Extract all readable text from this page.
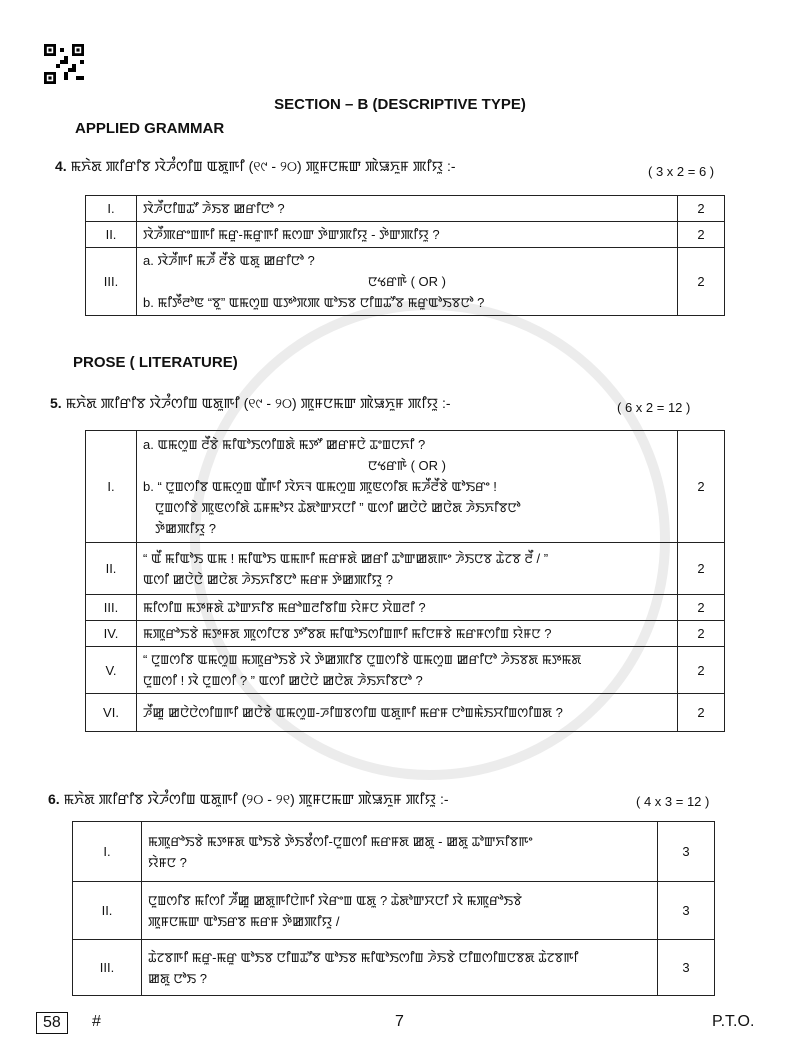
SECTION – B (DESCRIPTIVE TYPE)
APPLIED GRAMMAR
4. ꯃꯈꯥꯗ ꯄꯤꯔꯤꯕ ꯋꯥꯍꯪꯁꯤꯡ ꯑꯗꯨꯒꯤ (୧୯ - ୨୦) ꯄꯨꯝꯅꯃꯛ ꯄꯥꯎꯈꯨꯝ ꯄꯤꯌꯨ :-	( 3 x 2 = 6 )
I.	ꯋꯥꯍꯩꯅꯤꯡꯊꯧ ꯍꯥꯏꯕ ꯀꯔꯤꯅꯣ ?	2
II.	ꯋꯥꯍꯩꯄꯔꯦꯡꯒꯤ ꯃꯔꯨ-ꯃꯔꯨꯒꯤ ꯃꯁꯛ ꯇꯥꯛꯄꯤꯌꯨ - ꯇꯥꯛꯄꯤꯌꯨ ?	2
III.	a. ꯋꯥꯍꯩꯒꯤ ꯃꯍꯩ ꯂꯩꯕꯥ ꯑꯗꯨ ꯀꯔꯤꯅꯣ ?
ꯅꯠꯔꯒꯥ ( OR )
b. ꯃꯤꯇꯩꯂꯣꯟ “ꯕꯨ” ꯑꯃꯁꯨꯡ ꯑꯇꯣꯞꯄ ꯑꯣꯏꯕ ꯅꯤꯡꯊꯧꯕ ꯃꯔꯨꯑꯣꯏꯕꯅꯣ ?	2
PROSE ( LITERATURE)
5. ꯃꯈꯥꯗ ꯄꯤꯔꯤꯕ ꯋꯥꯍꯪꯁꯤꯡ ꯑꯗꯨꯒꯤ (୧୯ - ୨୦) ꯄꯨꯝꯅꯃꯛ ꯄꯥꯎꯈꯨꯝ ꯄꯤꯌꯨ :-	( 6 x 2 = 12 )
I.	a. ꯑꯃꯁꯨꯡ ꯂꯩꯕꯥ ꯃꯤꯑꯣꯏꯁꯤꯡꯗꯥ ꯃꯇꯧ ꯀꯔꯝꯅꯥ ꯊꯦꯡꯅꯈꯤ ?
ꯅꯠꯔꯒꯥ ( OR )
b. “ ꯅꯨꯡꯁꯤꯕ ꯑꯃꯁꯨꯡ ꯑꯩꯒꯤ ꯋꯥꯈꯜ ꯑꯃꯁꯨꯡ ꯄꯨꯟꯁꯤꯗ ꯃꯍꯩꯂꯩꯕꯥ ꯑꯣꯏꯔꯦ !
ꯅꯨꯡꯁꯤꯕꯥ ꯄꯨꯟꯁꯤꯗꯥ ꯊꯝꯃꯣꯌ ꯊꯥꯗꯣꯛꯆꯅꯤ ” ꯑꯁꯤ ꯀꯅꯥꯅꯥ ꯀꯅꯥꯗ ꯍꯥꯏꯈꯤꯕꯅꯣ
ꯇꯥꯀꯄꯤꯌꯨ ?	2
II.	“ ꯑꯩ ꯃꯤꯑꯣꯏ ꯑꯃ ! ꯃꯤꯑꯣꯏ ꯑꯃꯒꯤ ꯃꯔꯝꯗꯥ ꯀꯔꯤ ꯊꯣꯛꯀꯗꯒꯦ ꯍꯥꯏꯅꯕ ꯊꯥꯖꯕ ꯂꯩ / ”
ꯑꯁꯤ ꯀꯅꯥꯅꯥ ꯀꯅꯥꯗ ꯍꯥꯏꯈꯤꯕꯅꯣ ꯃꯔꯝ ꯇꯥꯀꯄꯤꯌꯨ ?	2
III.	ꯃꯤꯁꯤꯡ ꯃꯇꯝꯗꯥ ꯊꯣꯛꯈꯤꯕ ꯃꯔꯣꯡꯂꯤꯕꯤꯡ ꯌꯥꯝꯅ ꯆꯥꯡꯂꯤ ?	2
IV.	ꯃꯄꯨꯔꯣꯏꯕꯥ ꯃꯇꯝꯗ ꯄꯨꯁꯤꯅꯕ ꯇꯧꯕꯗ ꯃꯤꯑꯣꯏꯁꯤꯡꯒꯤ ꯃꯤꯅꯝꯕꯥ ꯃꯔꯝꯁꯤꯡ ꯌꯥꯝꯅ ?	2
V.	“ ꯅꯨꯡꯁꯤꯕ ꯑꯃꯁꯨꯡ ꯃꯄꯨꯔꯣꯏꯕꯥ ꯋꯥ ꯇꯥꯀꯄꯤꯕ ꯅꯨꯡꯁꯤꯕꯥ ꯑꯃꯁꯨꯡ ꯀꯔꯤꯅꯣ ꯍꯥꯏꯕꯗ ꯃꯇꯃꯗ
ꯅꯨꯡꯁꯤ ! ꯋꯥ ꯅꯨꯡꯁꯤ ? ” ꯑꯁꯤ ꯀꯅꯥꯅꯥ ꯀꯅꯥꯗ ꯍꯥꯏꯈꯤꯕꯅꯣ ?	2
VI.	ꯍꯩꯀꯨ ꯀꯅꯥꯅꯥꯁꯤꯡꯒꯤ ꯀꯅꯥꯕꯥ ꯑꯃꯁꯨꯡ-ꯍꯤꯡꯕꯁꯤꯡ ꯑꯗꯨꯒꯤ ꯃꯔꯝ ꯅꯣꯡꯃꯥꯏꯆꯤꯡꯁꯤꯡꯗ ?	2
6. ꯃꯈꯥꯗ ꯄꯤꯔꯤꯕ ꯋꯥꯍꯪꯁꯤꯡ ꯑꯗꯨꯒꯤ (୨୦ - ୨୧) ꯄꯨꯝꯅꯃꯛ ꯄꯥꯎꯈꯨꯝ ꯄꯤꯌꯨ :-	( 4 x 3 = 12 )
I.	ꯃꯄꯨꯔꯣꯏꯕꯥ ꯃꯇꯝꯗ ꯑꯣꯏꯕꯥ ꯇꯥꯏꯕꯪꯁꯤ-ꯅꯨꯡꯁꯤ ꯃꯔꯝꯗ ꯀꯗꯨ - ꯀꯗꯨ ꯊꯣꯛꯈꯤꯕꯒꯦ
ꯌꯥꯝꯅ ?	3
II.	ꯅꯨꯡꯁꯤꯕ ꯃꯤꯁꯤ ꯍꯩꯀꯨ ꯀꯗꯨꯒꯤꯅꯥꯒꯤ ꯋꯥꯔꯦꯡ ꯑꯗꯨ ? ꯊꯥꯗꯣꯛꯆꯅꯤ ꯋꯥ ꯃꯄꯨꯔꯣꯏꯕꯥ
ꯄꯨꯝꯅꯃꯛ ꯑꯣꯏꯔꯕ ꯃꯔꯝ ꯇꯥꯀꯄꯤꯌꯨ /	3
III.	ꯊꯥꯖꯕꯒꯤ ꯃꯔꯨ-ꯃꯔꯨ ꯑꯣꯏꯕ ꯅꯤꯡꯊꯧꯕ ꯑꯣꯏꯕ ꯃꯤꯑꯣꯏꯁꯤꯡ ꯍꯥꯏꯕꯥ ꯅꯤꯡꯁꯤꯡꯅꯕꯗ ꯊꯥꯖꯕꯒꯤ
ꯀꯗꯨ ꯅꯣꯏ ?	3
58	#	7	P.T.O.
